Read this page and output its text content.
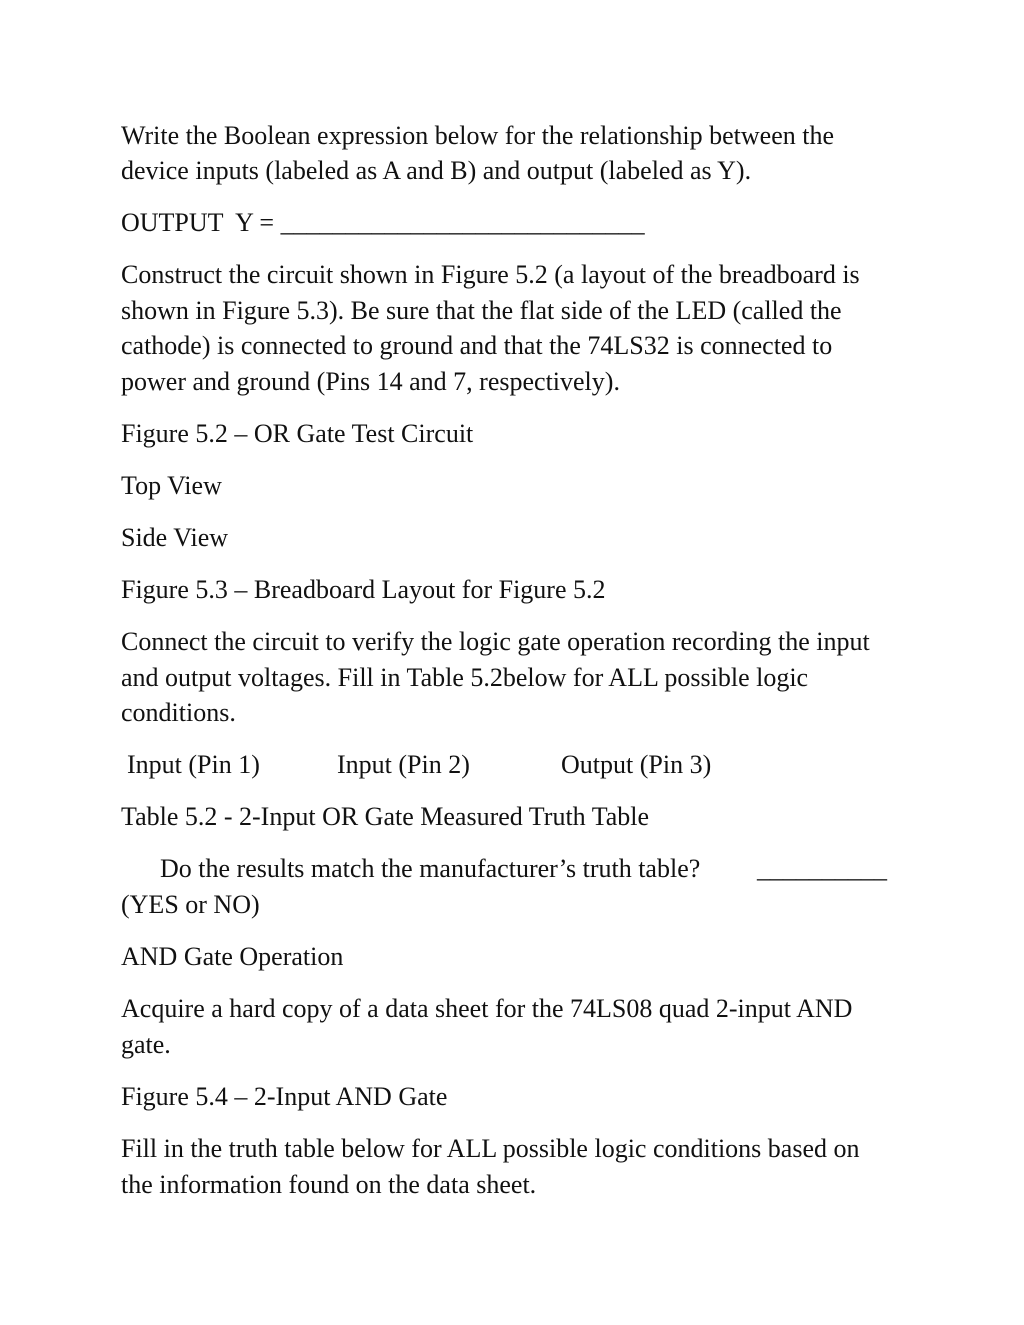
Write the Boolean expression below for the relationship between the

device inputs (labeled as A and B) and output (labeled as Y).

OUTPUT  Y = ____________________________

Construct the circuit shown in Figure 5.2 (a layout of the breadboard is

shown in Figure 5.3). Be sure that the flat side of the LED (called the

cathode) is connected to ground and that the 74LS32 is connected to

power and ground (Pins 14 and 7, respectively).

Figure 5.2 – OR Gate Test Circuit

Top View

Side View

Figure 5.3 – Breadboard Layout for Figure 5.2

Connect the circuit to verify the logic gate operation recording the input

and output voltages. Fill in Table 5.2below for ALL possible logic

conditions.

Input (Pin 1)	Input (Pin 2)	Output (Pin 3)

Table 5.2 - 2-Input OR Gate Measured Truth Table

Do the results match the manufacturer’s truth table? __________

(YES or NO)

AND Gate Operation

Acquire a hard copy of a data sheet for the 74LS08 quad 2-input AND

gate.

Figure 5.4 – 2-Input AND Gate

Fill in the truth table below for ALL possible logic conditions based on

the information found on the data sheet.
